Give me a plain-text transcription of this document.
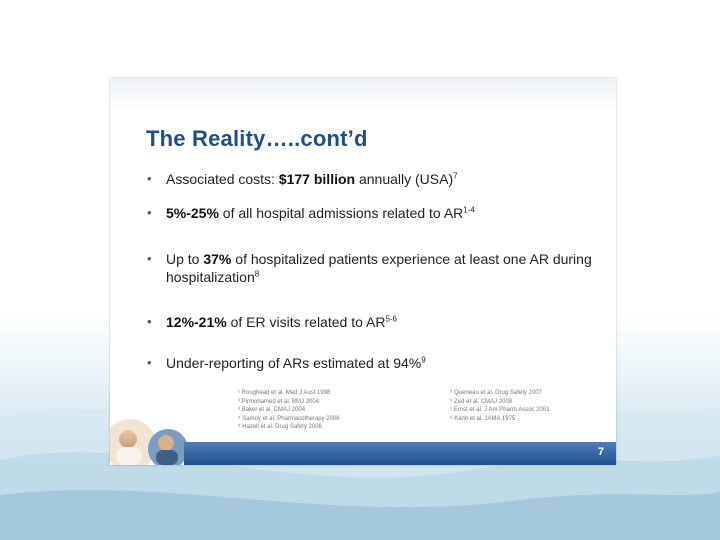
The Reality…..cont’d
• Associated costs: $177 billion annually (USA)$^7$
• 5%-25% of all hospital admissions related to AR$^{1-4}$
• Up to 37% of hospitalized patients experience at least one AR during hospitalization$^8$
• 12%-21% of ER visits related to AR$^{5-6}$
• Under-reporting of ARs estimated at 94%$^9$
¹ Roughead et al. Med J Aust 1998
² Pirmohamed et al. BMJ 2004
³ Baker et al. CMAJ 2004
⁴ Samoy et al. Pharmacotherapy 2006
⁵ Hazell et al. Drug Safety 2006
⁵ Queneau et al. Drug Safety 2007
⁶ Zed et al. CMAJ 2008
⁷ Ernst et al. J Am Pharm Assoc 2001
⁸ Kanh et al. JAMA 1975
7
